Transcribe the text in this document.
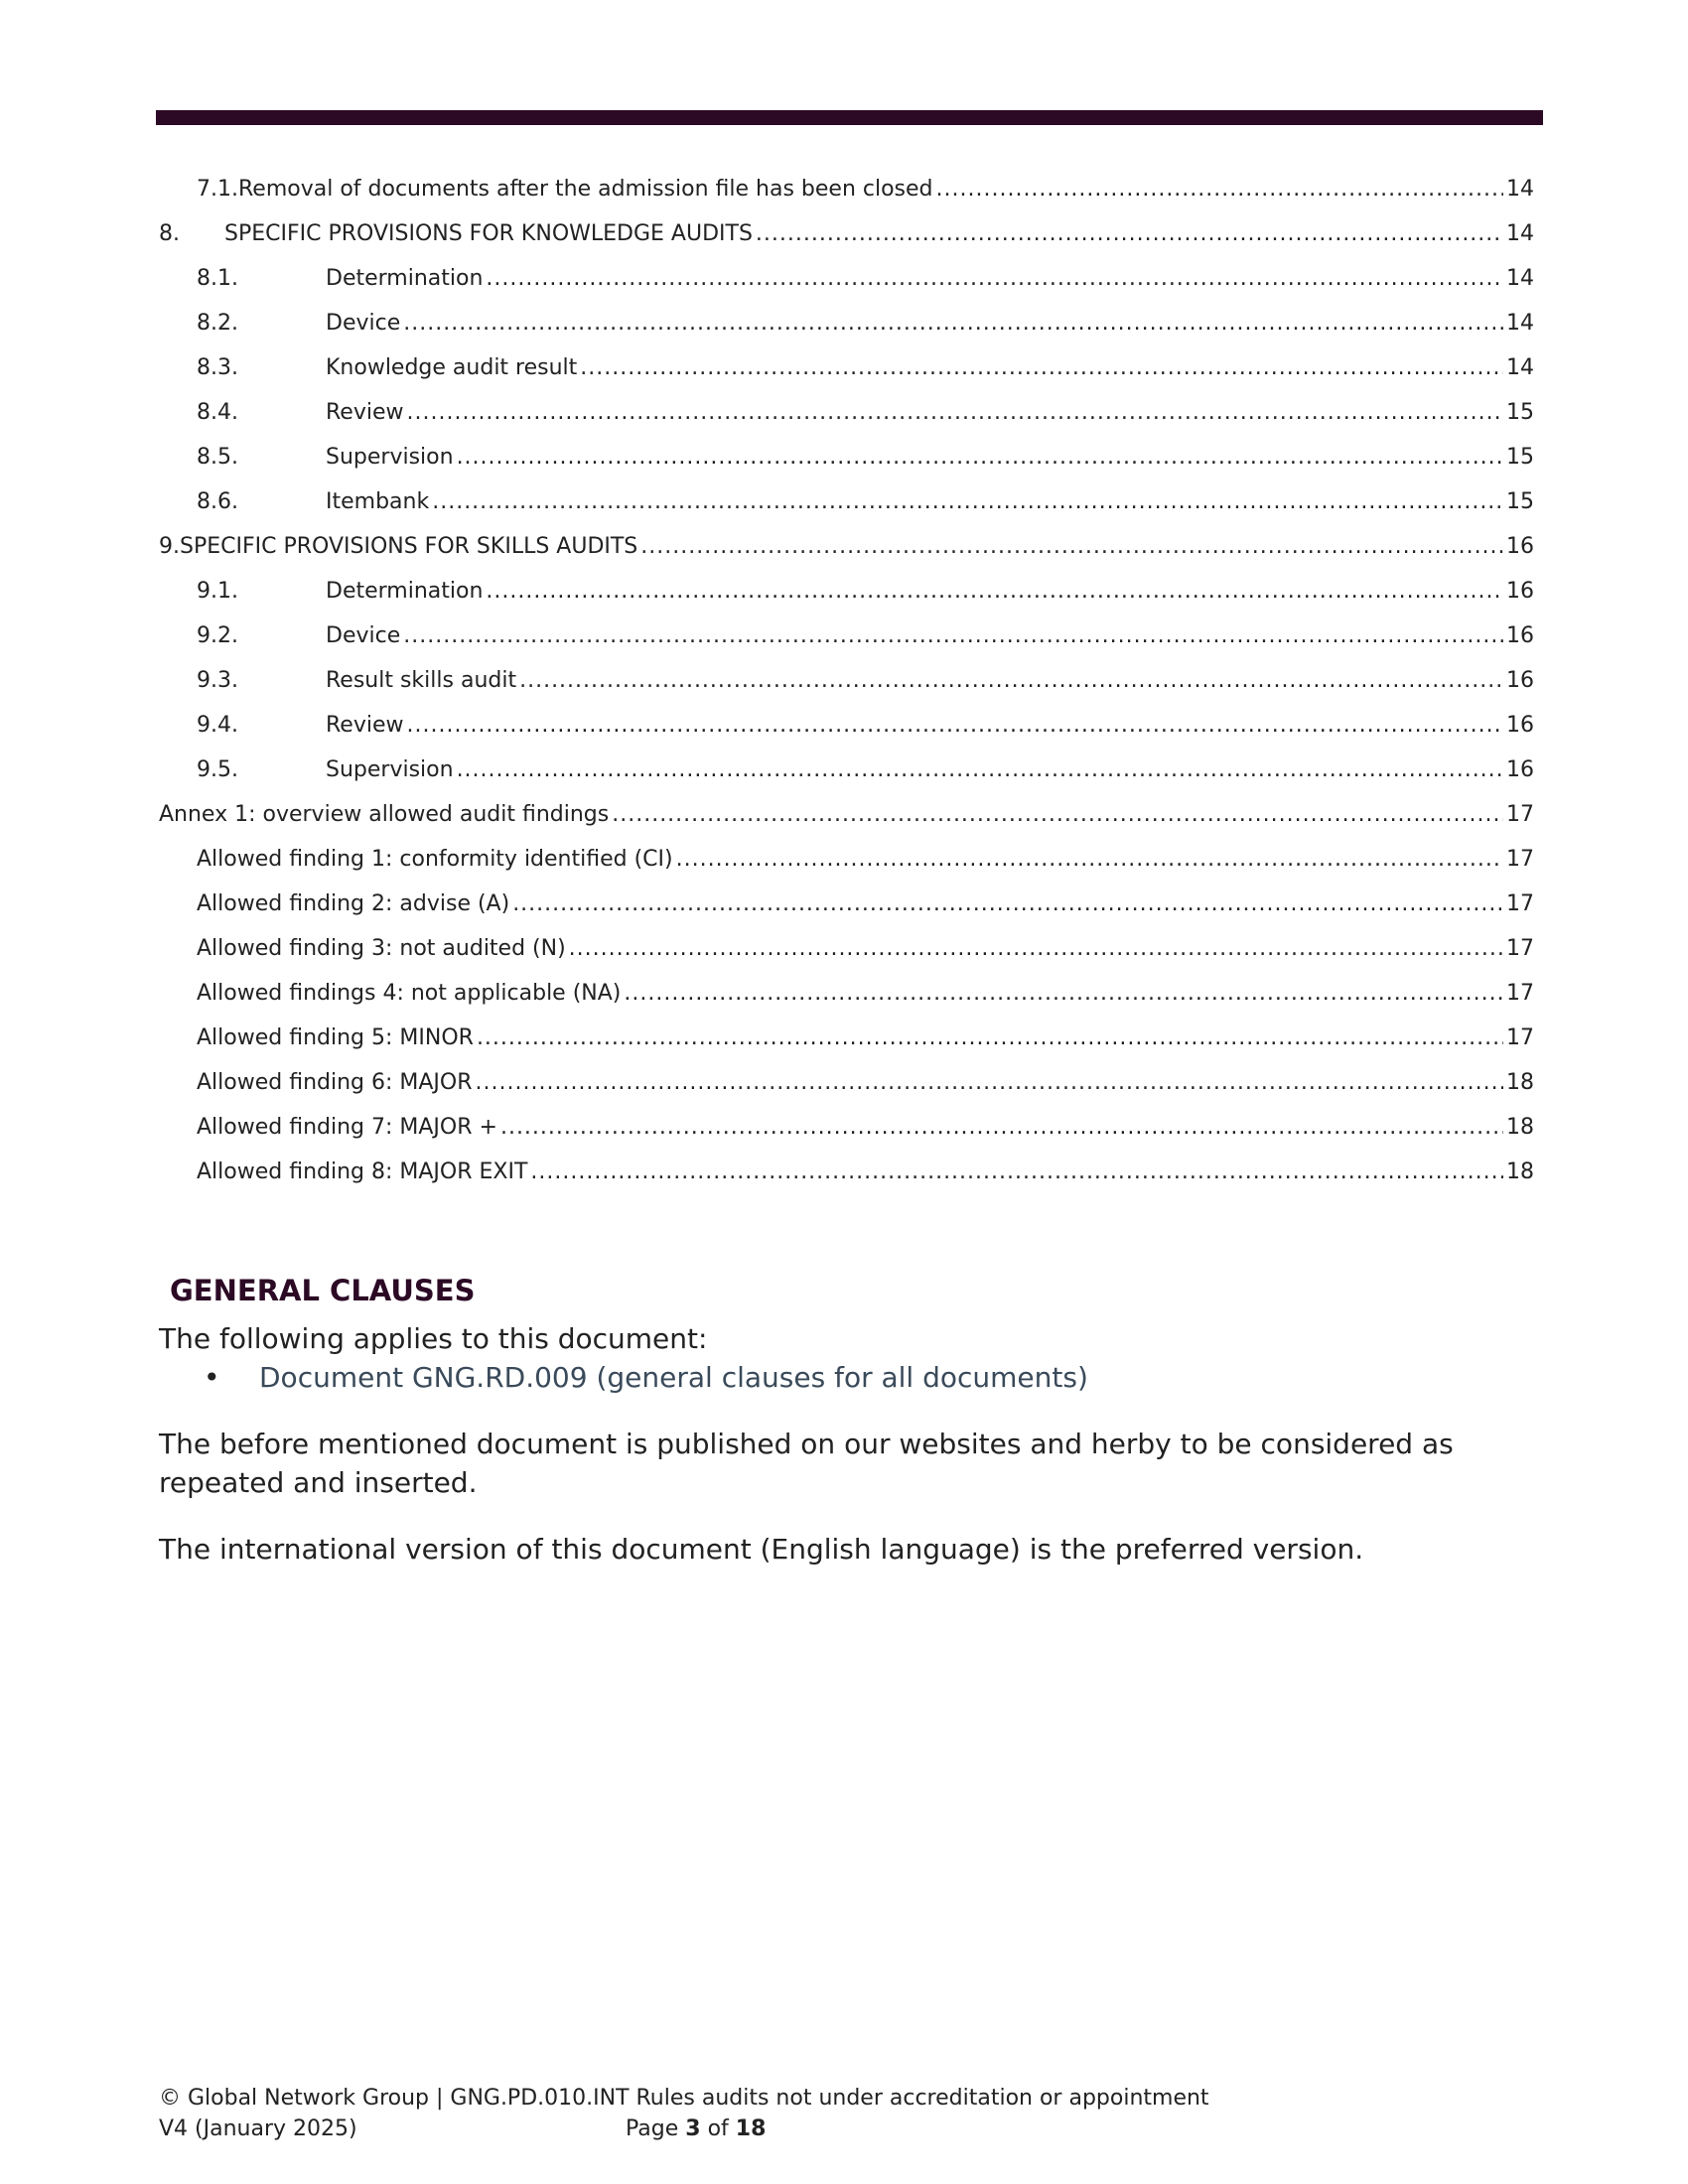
7.1. Removal of documents after the admission file has been closed .....	14
8.	SPECIFIC PROVISIONS FOR KNOWLEDGE AUDITS .....	14
8.1.	Determination .....	14
8.2.	Device .....	14
8.3.	Knowledge audit result .....	14
8.4.	Review .....	15
8.5.	Supervision .....	15
8.6.	Itembank .....	15
9. SPECIFIC PROVISIONS FOR SKILLS AUDITS .....	16
9.1.	Determination .....	16
9.2.	Device .....	16
9.3.	Result skills audit .....	16
9.4.	Review .....	16
9.5.	Supervision .....	16
Annex 1: overview allowed audit findings .....	17
Allowed finding 1: conformity identified (CI) .....	17
Allowed finding 2: advise (A) .....	17
Allowed finding 3: not audited (N) .....	17
Allowed findings 4: not applicable (NA) .....	17
Allowed finding 5: MINOR .....	17
Allowed finding 6: MAJOR .....	18
Allowed finding 7: MAJOR + .....	18
Allowed finding 8: MAJOR EXIT .....	18
GENERAL CLAUSES
The following applies to this document:
• Document GNG.RD.009 (general clauses for all documents)
The before mentioned document is published on our websites and herby to be considered as repeated and inserted.
The international version of this document (English language) is the preferred version.
© Global Network Group | GNG.PD.010.INT Rules audits not under accreditation or appointment
V4 (January 2025)	Page 3 of 18
